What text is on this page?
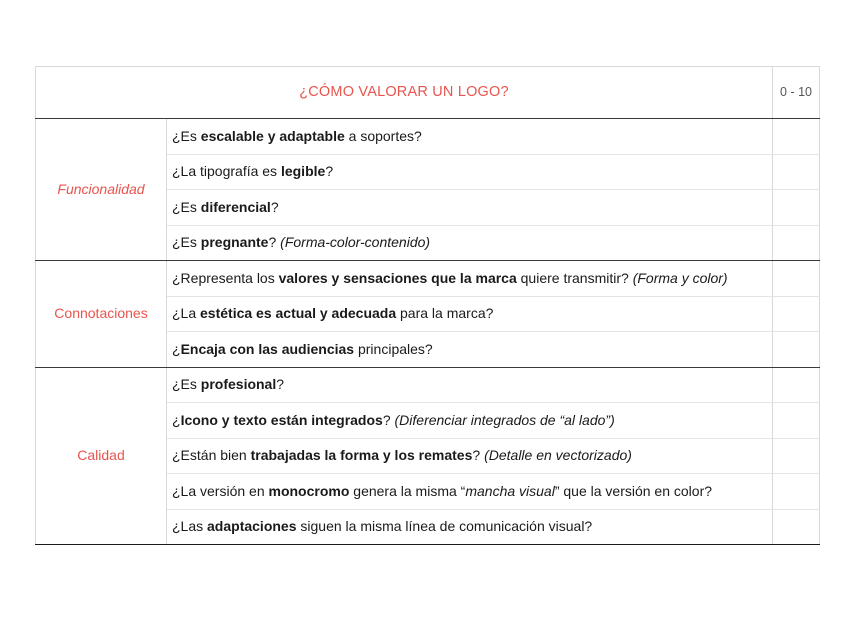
¿CÓMO VALORAR UN LOGO?		0 - 10
Funcionalidad	¿Es escalable y adaptable a soportes?	
	¿La tipografía es legible?	
	¿Es diferencial?	
	¿Es pregnante? (Forma-color-contenido)	
Connotaciones	¿Representa los valores y sensaciones que la marca quiere transmitir? (Forma y color)	
	¿La estética es actual y adecuada para la marca?	
	¿Encaja con las audiencias principales?	
Calidad	¿Es profesional?	
	¿Icono y texto están integrados? (Diferenciar integrados de “al lado”)	
	¿Están bien trabajadas la forma y los remates? (Detalle en vectorizado)	
	¿La versión en monocromo genera la misma “mancha visual” que la versión en color?	
	¿Las adaptaciones siguen la misma línea de comunicación visual?	
